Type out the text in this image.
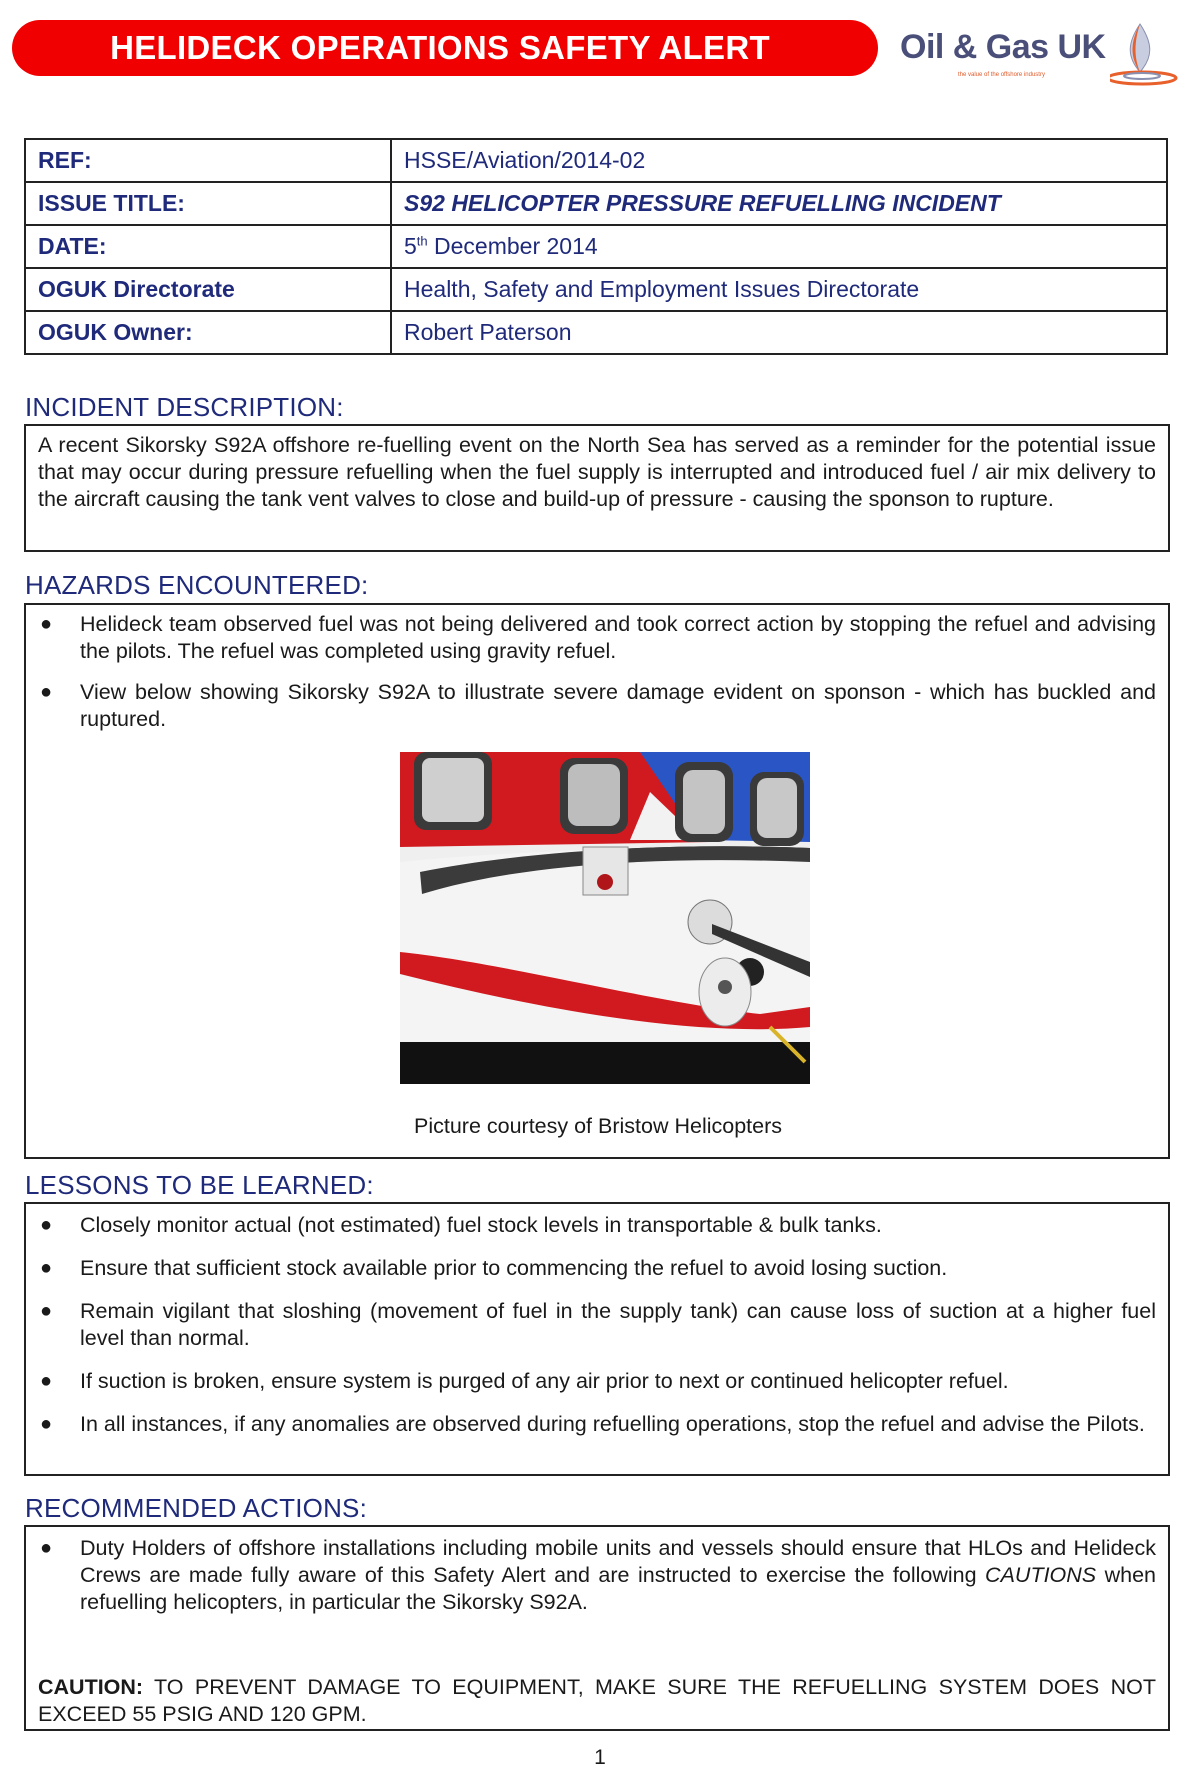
HELIDECK OPERATIONS SAFETY ALERT	Oil & Gas UK
the value of the offshore industry
REF:	HSSE/Aviation/2014-02
ISSUE TITLE:	S92 HELICOPTER PRESSURE REFUELLING INCIDENT
DATE:	5th December 2014
OGUK Directorate	Health, Safety and Employment Issues Directorate
OGUK Owner:	Robert Paterson
INCIDENT DESCRIPTION:
A recent Sikorsky S92A offshore re-fuelling event on the North Sea has served as a reminder for the potential issue that may occur during pressure refuelling when the fuel supply is interrupted and introduced fuel / air mix delivery to the aircraft causing the tank vent valves to close and build-up of pressure - causing the sponson to rupture.
HAZARDS ENCOUNTERED:
● Helideck team observed fuel was not being delivered and took correct action by stopping the refuel and advising the pilots. The refuel was completed using gravity refuel.
● View below showing Sikorsky S92A to illustrate severe damage evident on sponson - which has buckled and ruptured.
Picture courtesy of Bristow Helicopters
LESSONS TO BE LEARNED:
● Closely monitor actual (not estimated) fuel stock levels in transportable & bulk tanks.
● Ensure that sufficient stock available prior to commencing the refuel to avoid losing suction.
● Remain vigilant that sloshing (movement of fuel in the supply tank) can cause loss of suction at a higher fuel level than normal.
● If suction is broken, ensure system is purged of any air prior to next or continued helicopter refuel.
● In all instances, if any anomalies are observed during refuelling operations, stop the refuel and advise the Pilots.
RECOMMENDED ACTIONS:
● Duty Holders of offshore installations including mobile units and vessels should ensure that HLOs and Helideck Crews are made fully aware of this Safety Alert and are instructed to exercise the following CAUTIONS when refuelling helicopters, in particular the Sikorsky S92A.
CAUTION: TO PREVENT DAMAGE TO EQUIPMENT, MAKE SURE THE REFUELLING SYSTEM DOES NOT EXCEED 55 PSIG AND 120 GPM.
1
